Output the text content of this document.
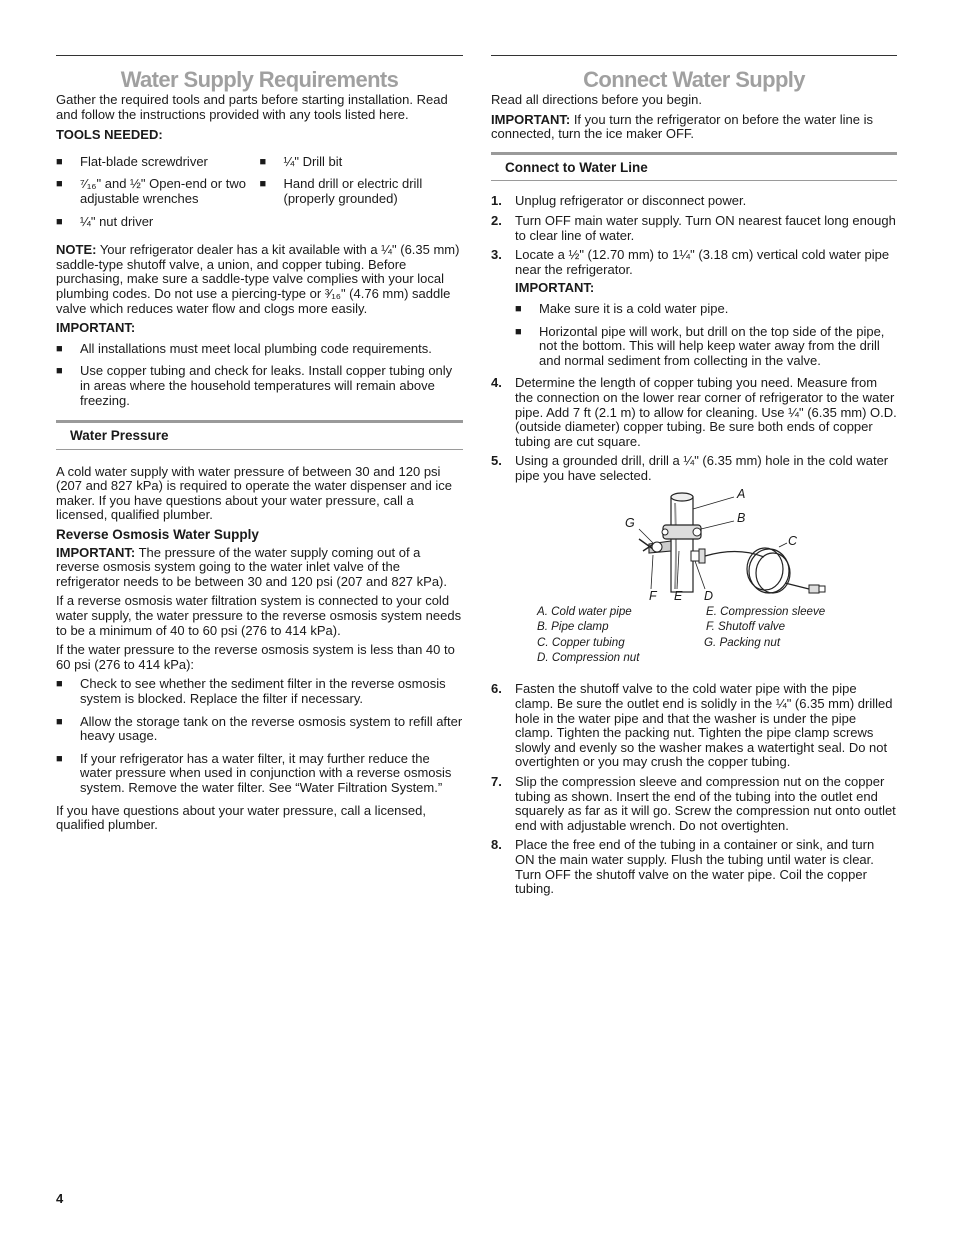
Water Supply Requirements

Gather the required tools and parts before starting installation. Read and follow the instructions provided with any tools listed here.

TOOLS NEEDED:

■ Flat-blade screwdriver	■ ¼" Drill bit
■ ⁷⁄₁₆" and ½" Open-end or two adjustable wrenches
■ Hand drill or electric drill (properly grounded)
■ ¼" nut driver

NOTE: Your refrigerator dealer has a kit available with a ¼" (6.35 mm) saddle-type shutoff valve, a union, and copper tubing. Before purchasing, make sure a saddle-type valve complies with your local plumbing codes. Do not use a piercing-type or ³⁄₁₆" (4.76 mm) saddle valve which reduces water flow and clogs more easily.

IMPORTANT:

■ All installations must meet local plumbing code requirements.
■ Use copper tubing and check for leaks. Install copper tubing only in areas where the household temperatures will remain above freezing.
Water Pressure

A cold water supply with water pressure of between 30 and 120 psi (207 and 827 kPa) is required to operate the water dispenser and ice maker. If you have questions about your water pressure, call a licensed, qualified plumber.

Reverse Osmosis Water Supply

IMPORTANT: The pressure of the water supply coming out of a reverse osmosis system going to the water inlet valve of the refrigerator needs to be between 30 and 120 psi (207 and 827 kPa).

If a reverse osmosis water filtration system is connected to your cold water supply, the water pressure to the reverse osmosis system needs to be a minimum of 40 to 60 psi (276 to 414 kPa).

If the water pressure to the reverse osmosis system is less than 40 to 60 psi (276 to 414 kPa):

■ Check to see whether the sediment filter in the reverse osmosis system is blocked. Replace the filter if necessary.
■ Allow the storage tank on the reverse osmosis system to refill after heavy usage.
■ If your refrigerator has a water filter, it may further reduce the water pressure when used in conjunction with a reverse osmosis system. Remove the water filter. See “Water Filtration System.”

If you have questions about your water pressure, call a licensed, qualified plumber.

Connect Water Supply

Read all directions before you begin.

IMPORTANT: If you turn the refrigerator on before the water line is connected, turn the ice maker OFF.

Connect to Water Line
1. Unplug refrigerator or disconnect power.
2. Turn OFF main water supply. Turn ON nearest faucet long enough to clear line of water.
3. Locate a ½" (12.70 mm) to 1¼" (3.18 cm) vertical cold water pipe near the refrigerator.
IMPORTANT:
■ Make sure it is a cold water pipe.
■ Horizontal pipe will work, but drill on the top side of the pipe, not the bottom. This will help keep water away from the drill and normal sediment from collecting in the valve.
4. Determine the length of copper tubing you need. Measure from the connection on the lower rear corner of refrigerator to the water pipe. Add 7 ft (2.1 m) to allow for cleaning. Use ¼" (6.35 mm) O.D. (outside diameter) copper tubing. Be sure both ends of copper tubing are cut square.
5. Using a grounded drill, drill a ¼" (6.35 mm) hole in the cold water pipe you have selected.
A
B
C
G
F E D
A. Cold water pipe
B. Pipe clamp
C. Copper tubing
D. Compression nut
E. Compression sleeve
F. Shutoff valve
G. Packing nut
6. Fasten the shutoff valve to the cold water pipe with the pipe clamp. Be sure the outlet end is solidly in the ¼" (6.35 mm) drilled hole in the water pipe and that the washer is under the pipe clamp. Tighten the packing nut. Tighten the pipe clamp screws slowly and evenly so the washer makes a watertight seal. Do not overtighten or you may crush the copper tubing.
7. Slip the compression sleeve and compression nut on the copper tubing as shown. Insert the end of the tubing into the outlet end squarely as far as it will go. Screw the compression nut onto outlet end with adjustable wrench. Do not overtighten.
8. Place the free end of the tubing in a container or sink, and turn ON the main water supply. Flush the tubing until water is clear. Turn OFF the shutoff valve on the water pipe. Coil the copper tubing.
4
